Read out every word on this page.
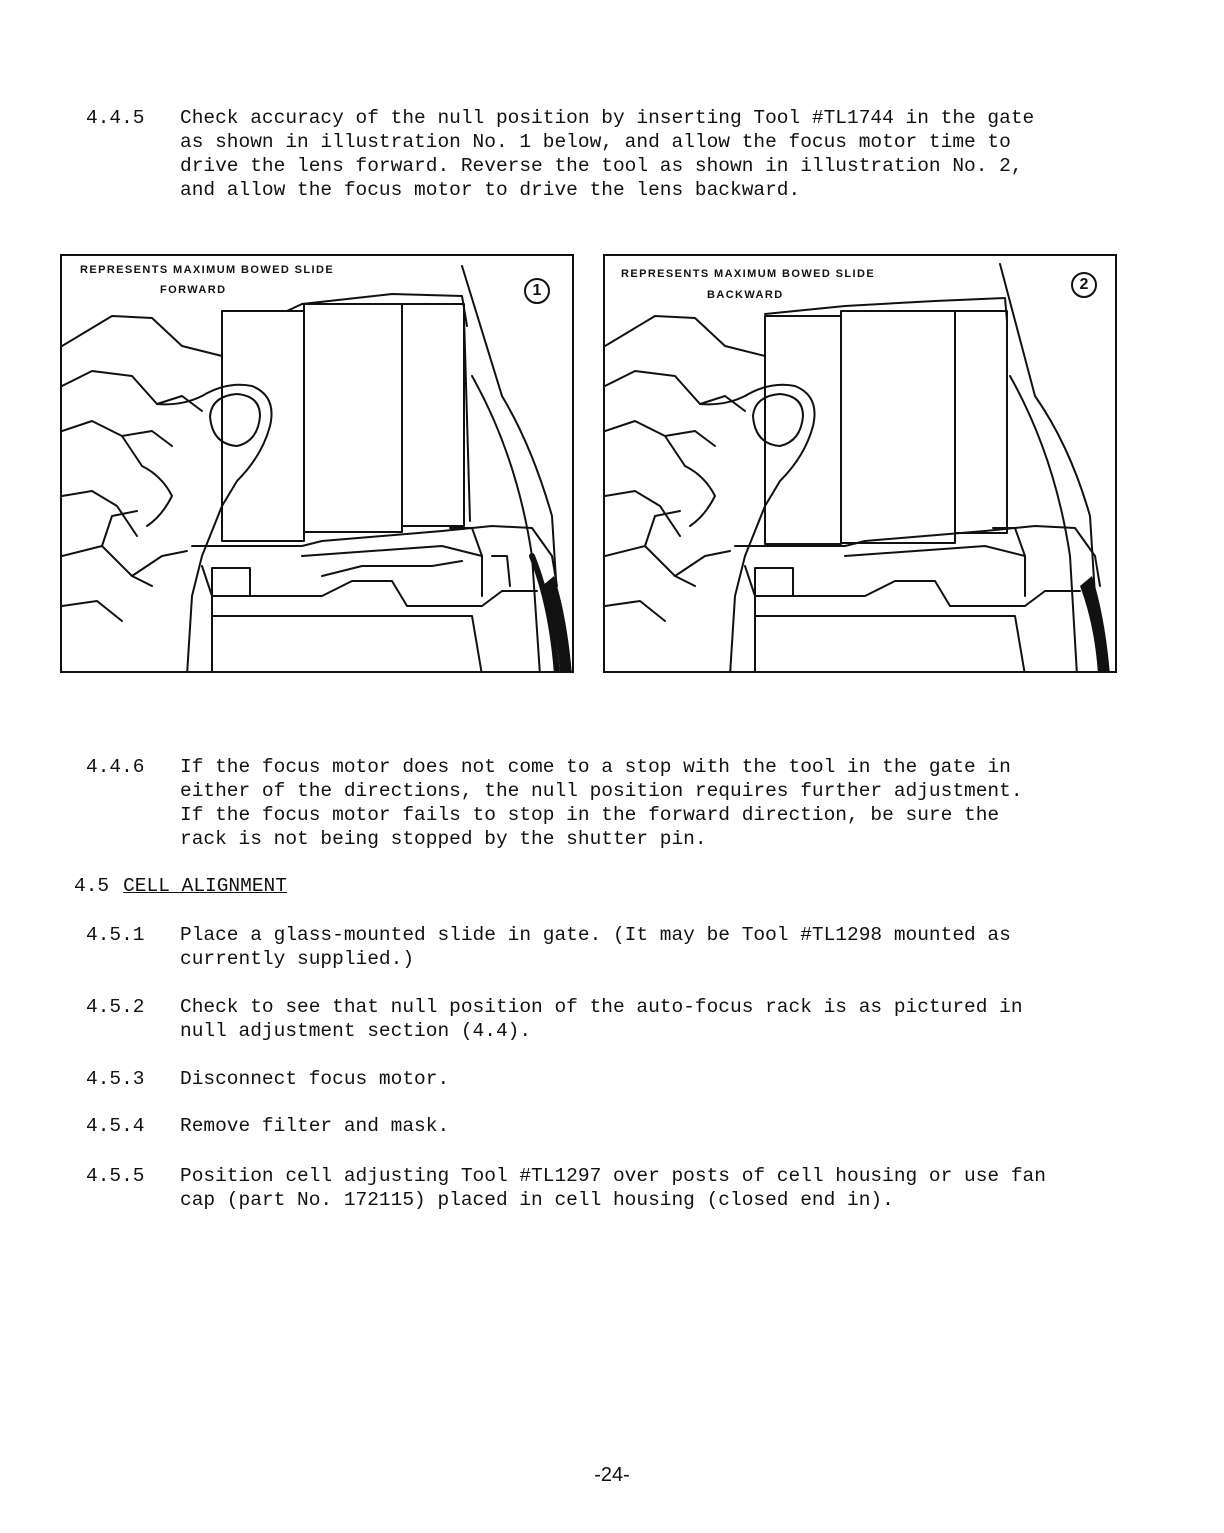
4.4.5 Check accuracy of the null position by inserting Tool #TL1744 in the gate
as shown in illustration No. 1 below, and allow the focus motor time to
drive the lens forward. Reverse the tool as shown in illustration No. 2,
and allow the focus motor to drive the lens backward.
REPRESENTS MAXIMUM BOWED SLIDE
FORWARD	1
REPRESENTS MAXIMUM BOWED SLIDE
BACKWARD
2
4.4.6 If the focus motor does not come to a stop with the tool in the gate in
either of the directions, the null position requires further adjustment.
If the focus motor fails to stop in the forward direction, be sure the
rack is not being stopped by the shutter pin.
4.5 CELL ALIGNMENT
4.5.1 Place a glass-mounted slide in gate. (It may be Tool #TL1298 mounted as
currently supplied.)
4.5.2 Check to see that null position of the auto-focus rack is as pictured in
null adjustment section (4.4).
4.5.3 Disconnect focus motor.
4.5.4 Remove filter and mask.
4.5.5 Position cell adjusting Tool #TL1297 over posts of cell housing or use fan
cap (part No. 172115) placed in cell housing (closed end in).
-24-
